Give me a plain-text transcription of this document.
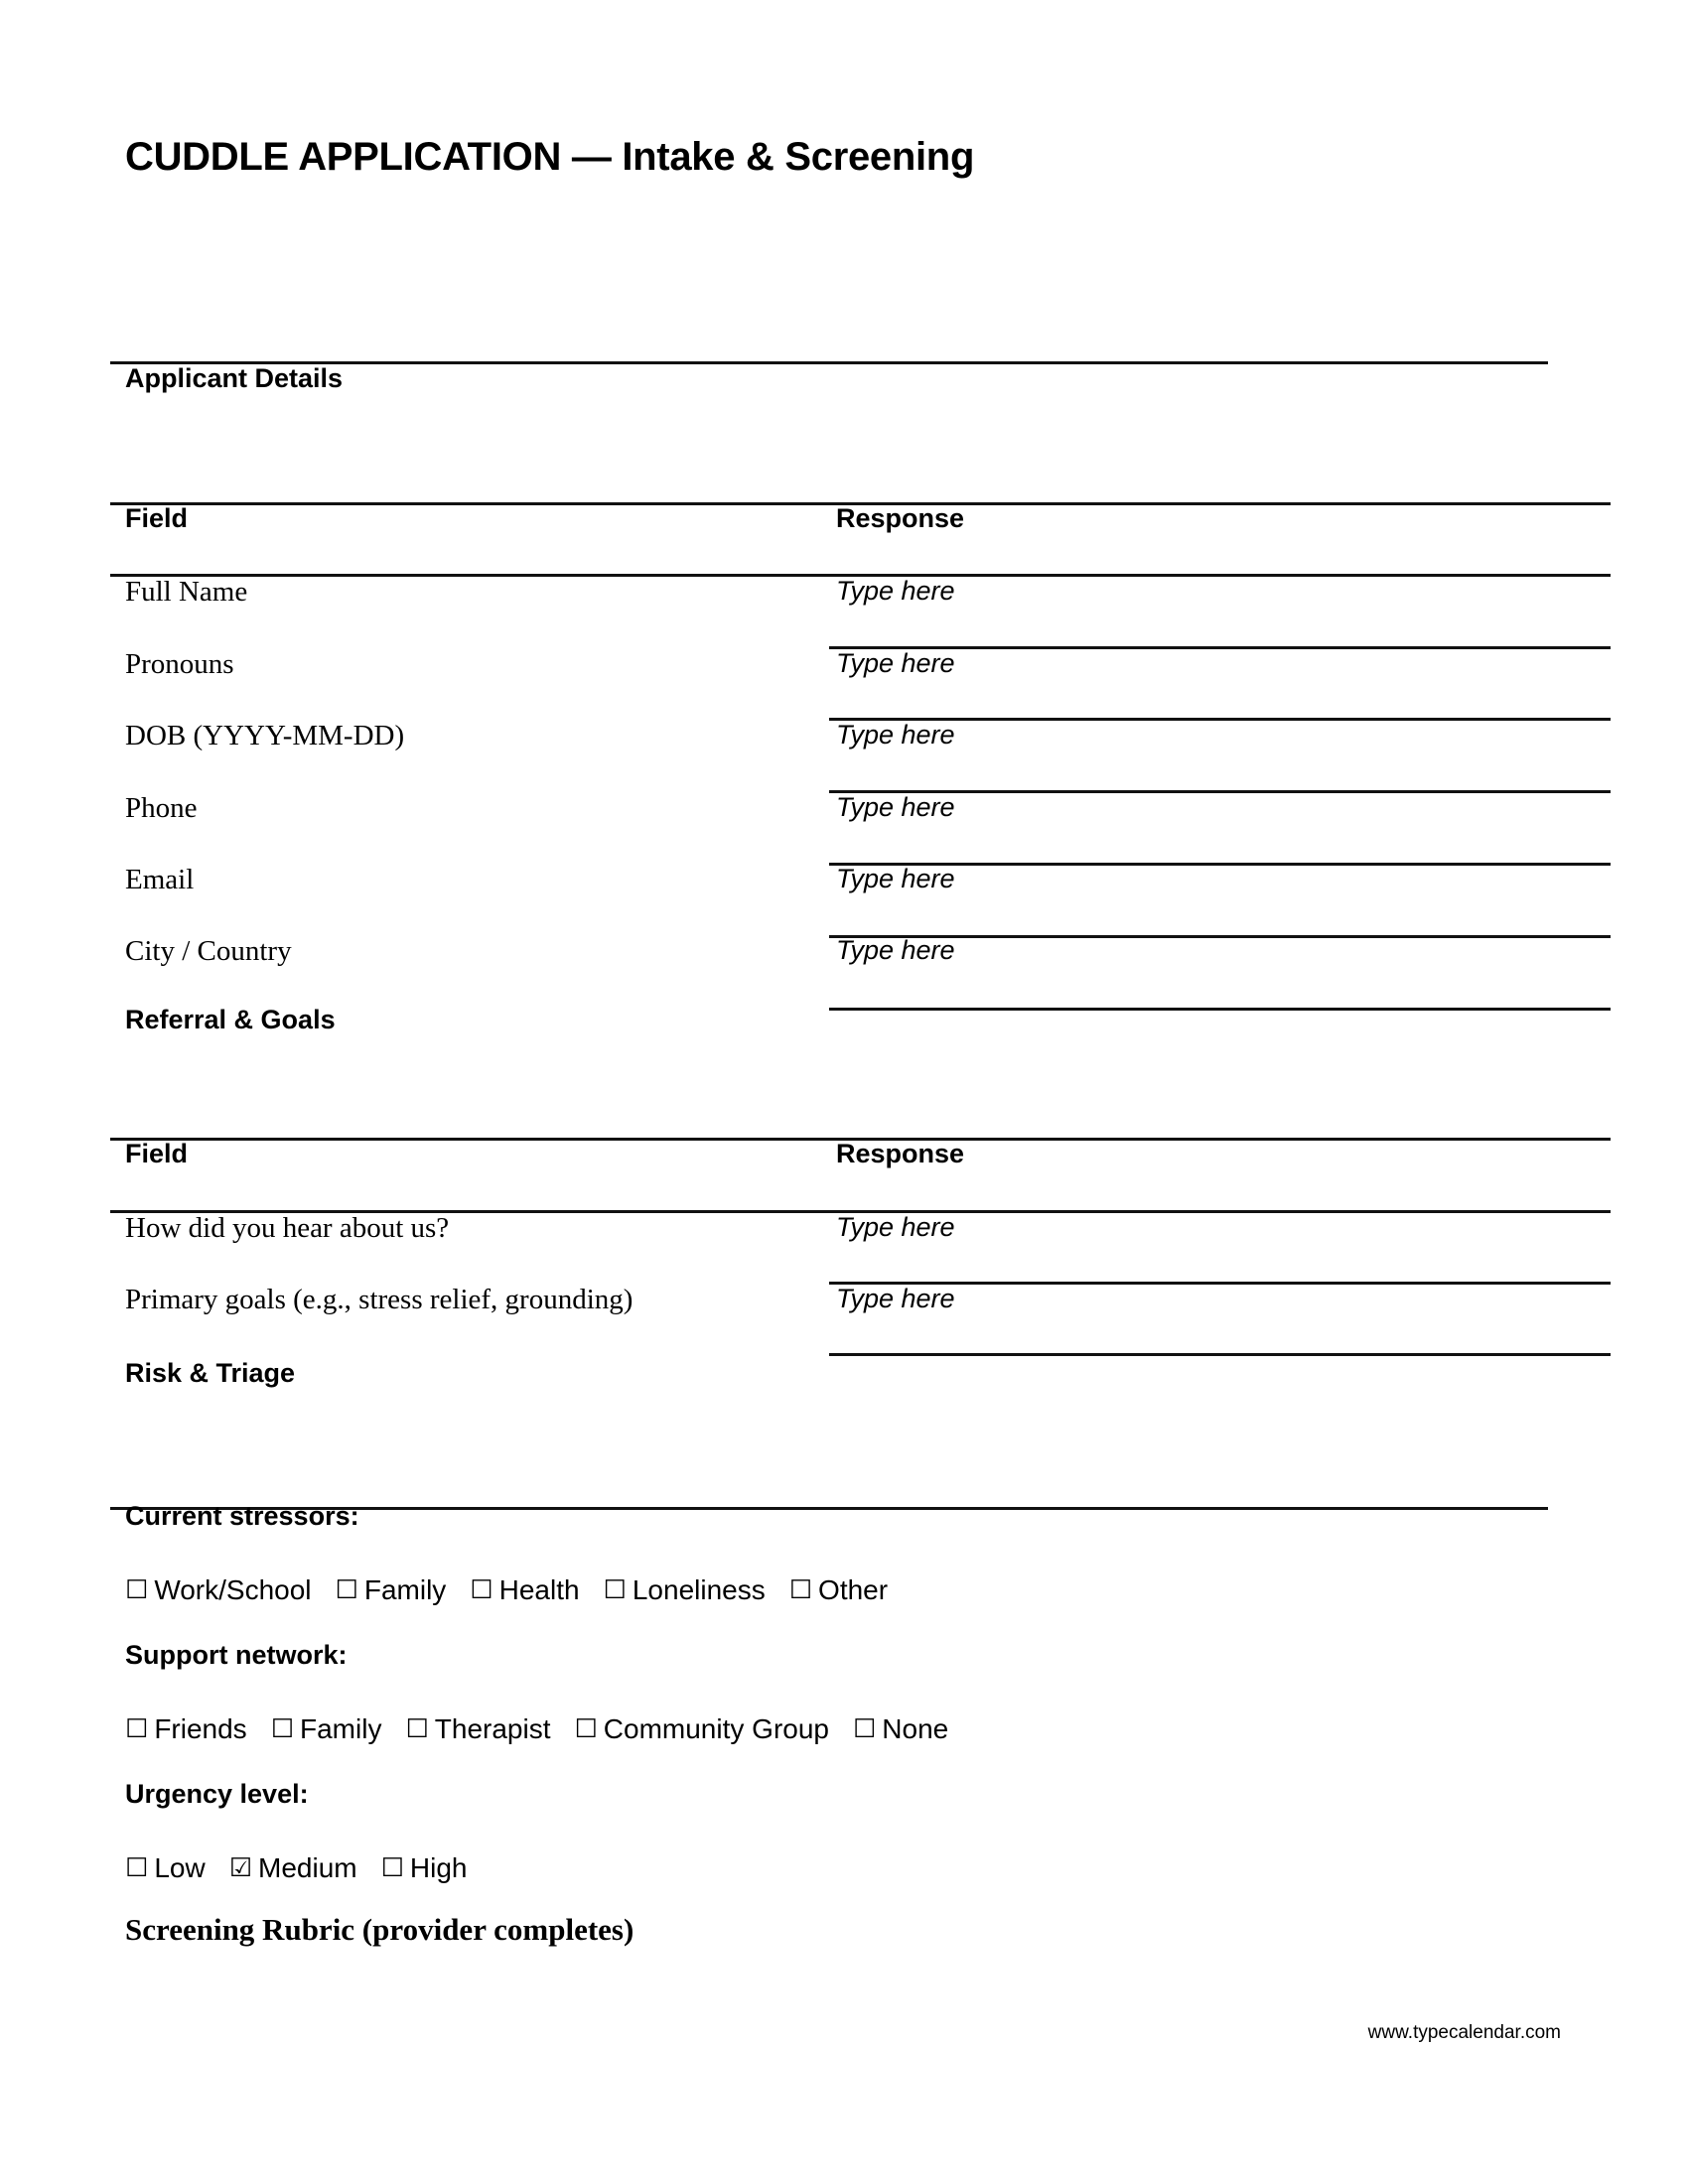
CUDDLE APPLICATION — Intake & Screening
Applicant Details
Field	Response
Full Name	Type here
Pronouns	Type here
DOB (YYYY-MM-DD)	Type here
Phone	Type here
Email	Type here
City / Country	Type here
Referral & Goals
Field	Response
How did you hear about us?	Type here
Primary goals (e.g., stress relief, grounding)	Type here
Risk & Triage
Current stressors:
☐ Work/School ☐ Family ☐ Health ☐ Loneliness ☐ Other
Support network:
☐ Friends ☐ Family ☐ Therapist ☐ Community Group ☐ None
Urgency level:
☐ Low ☑ Medium ☐ High
Screening Rubric (provider completes)
www.typecalendar.com
